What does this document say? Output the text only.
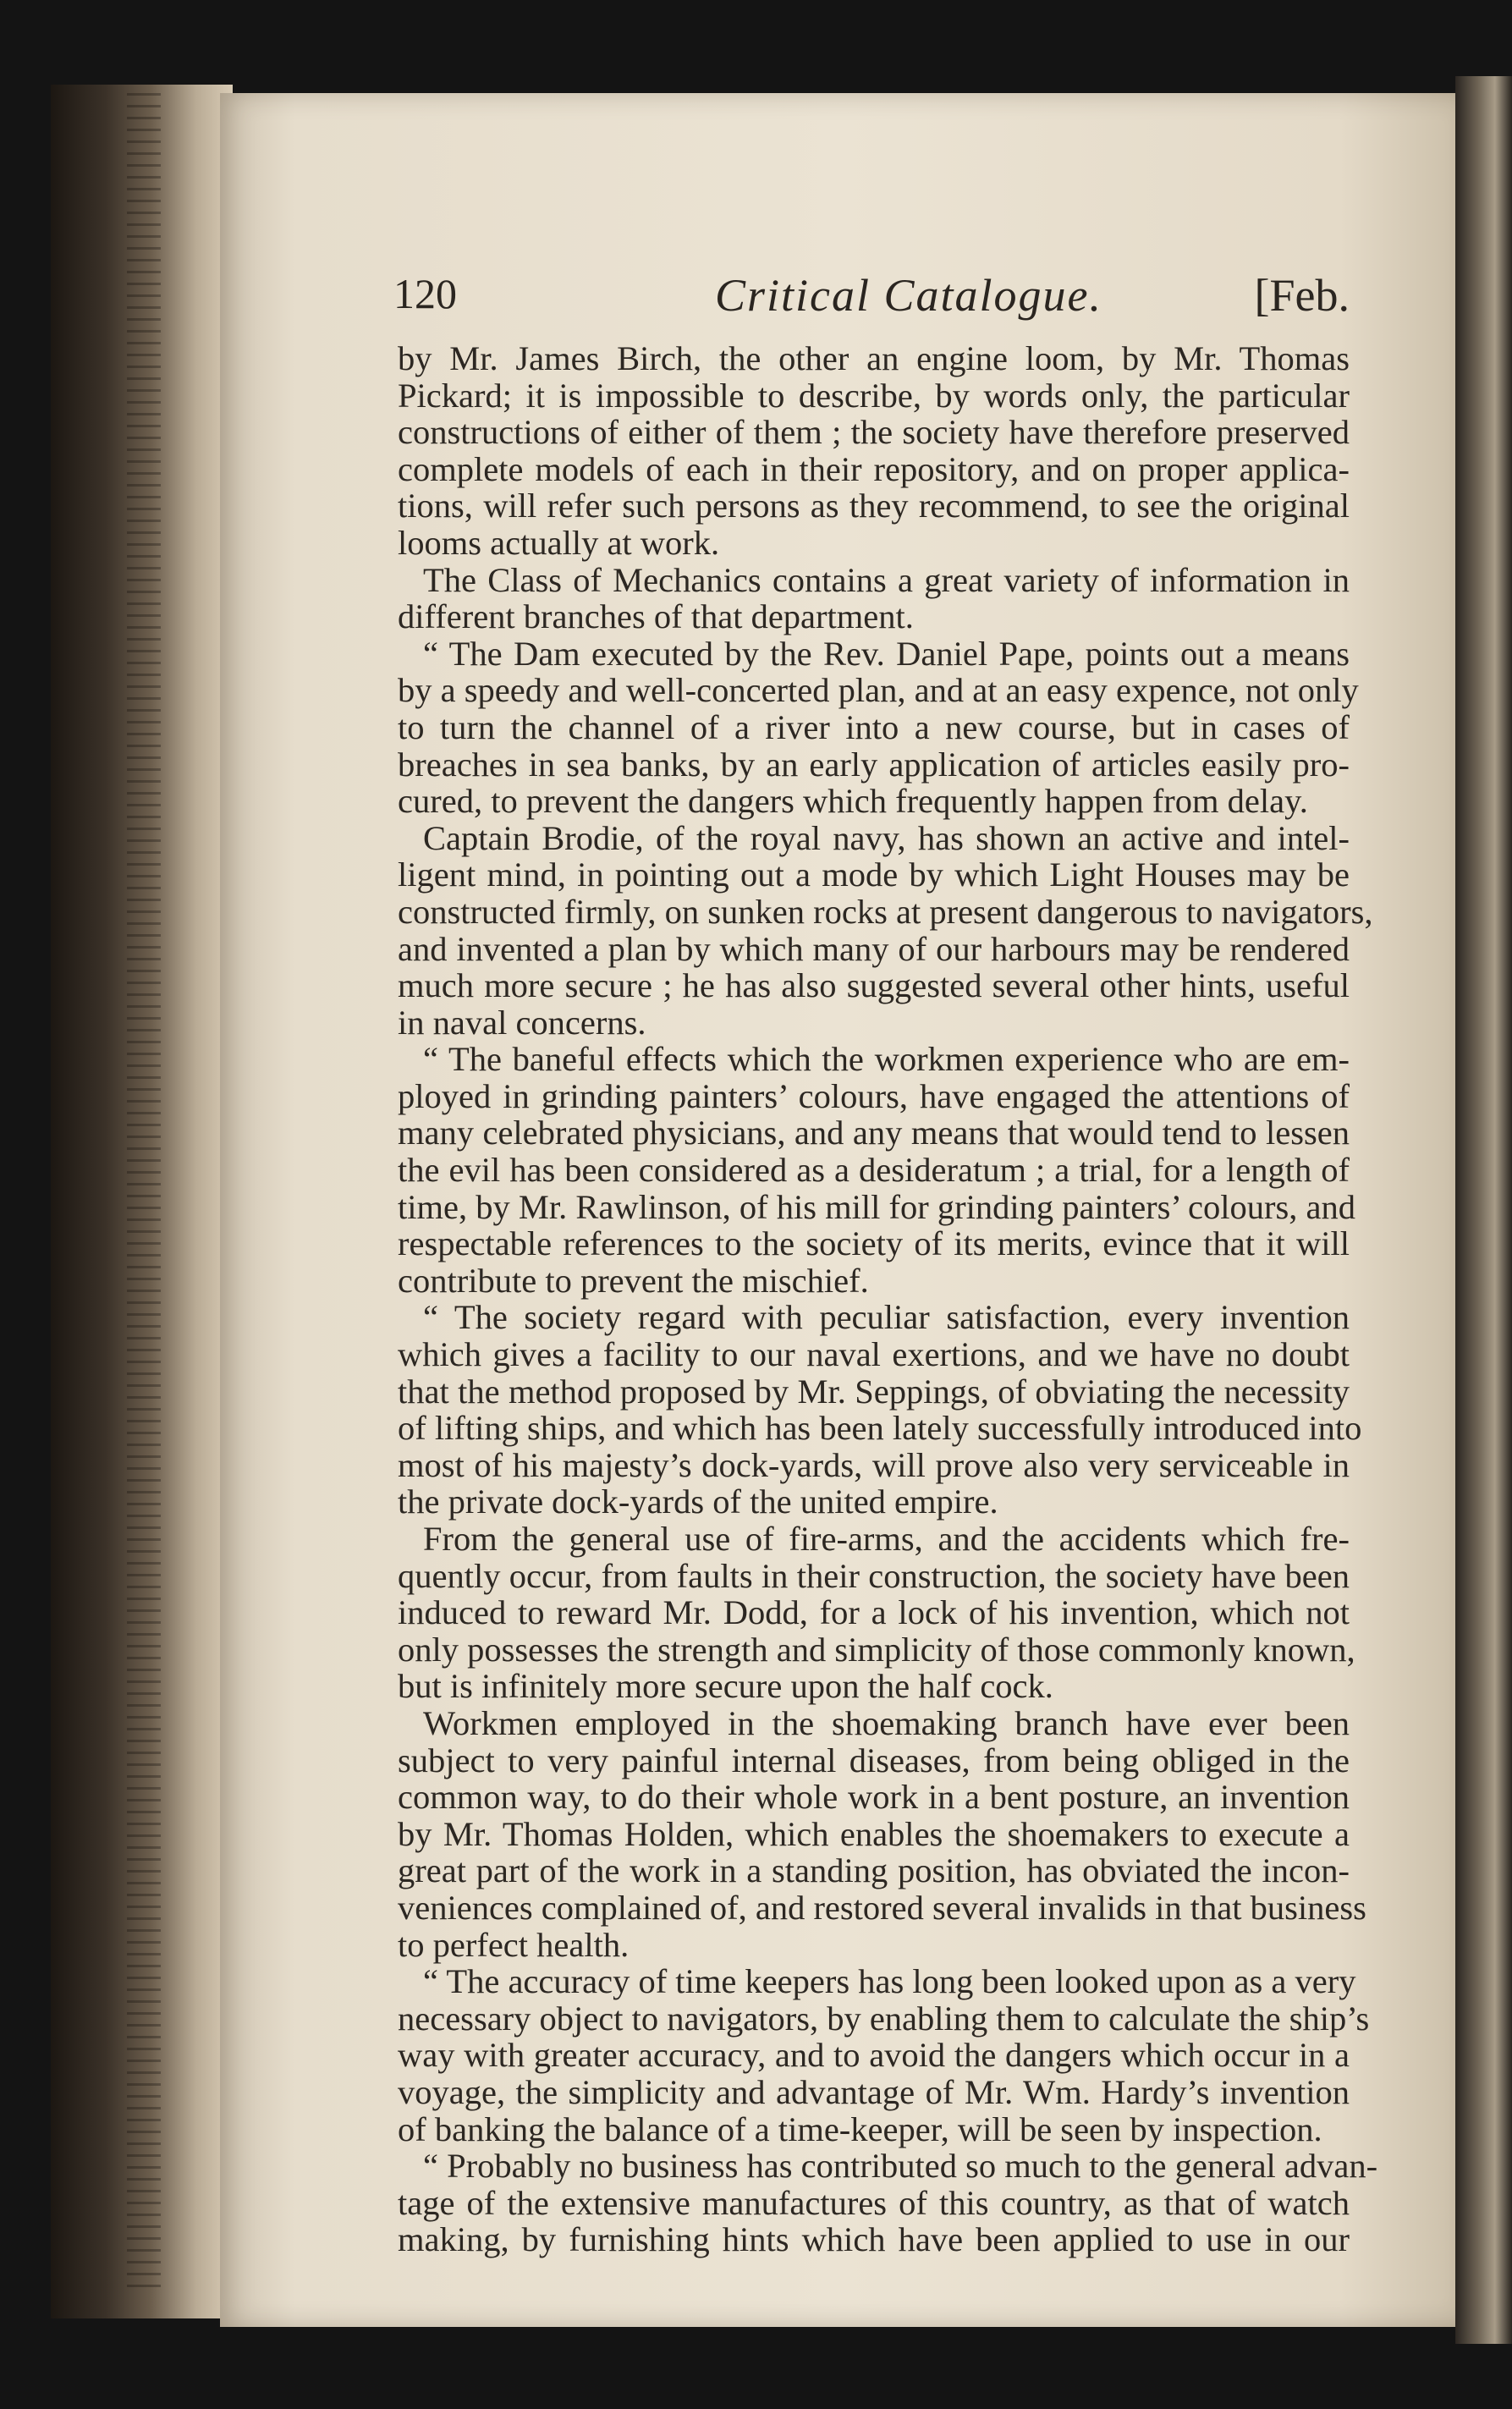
120	Critical Catalogue.	[Feb.
by Mr. James Birch, the other an engine loom, by Mr. Thomas
Pickard; it is impossible to describe, by words only, the particular
constructions of either of them ; the society have therefore preserved
complete models of each in their repository, and on proper applica-
tions, will refer such persons as they recommend, to see the original
looms actually at work.
The Class of Mechanics contains a great variety of information in
different branches of that department.
“ The Dam executed by the Rev. Daniel Pape, points out a means
by a speedy and well-concerted plan, and at an easy expence, not only
to turn the channel of a river into a new course, but in cases of
breaches in sea banks, by an early application of articles easily pro-
cured, to prevent the dangers which frequently happen from delay.
Captain Brodie, of the royal navy, has shown an active and intel-
ligent mind, in pointing out a mode by which Light Houses may be
constructed firmly, on sunken rocks at present dangerous to navigators,
and invented a plan by which many of our harbours may be rendered
much more secure ; he has also suggested several other hints, useful
in naval concerns.
“ The baneful effects which the workmen experience who are em-
ployed in grinding painters’ colours, have engaged the attentions of
many celebrated physicians, and any means that would tend to lessen
the evil has been considered as a desideratum ; a trial, for a length of
time, by Mr. Rawlinson, of his mill for grinding painters’ colours, and
respectable references to the society of its merits, evince that it will
contribute to prevent the mischief.
“ The society regard with peculiar satisfaction, every invention
which gives a facility to our naval exertions, and we have no doubt
that the method proposed by Mr. Seppings, of obviating the necessity
of lifting ships, and which has been lately successfully introduced into
most of his majesty’s dock-yards, will prove also very serviceable in
the private dock-yards of the united empire.
From the general use of fire-arms, and the accidents which fre-
quently occur, from faults in their construction, the society have been
induced to reward Mr. Dodd, for a lock of his invention, which not
only possesses the strength and simplicity of those commonly known,
but is infinitely more secure upon the half cock.
Workmen employed in the shoemaking branch have ever been
subject to very painful internal diseases, from being obliged in the
common way, to do their whole work in a bent posture, an invention
by Mr. Thomas Holden, which enables the shoemakers to execute a
great part of the work in a standing position, has obviated the incon-
veniences complained of, and restored several invalids in that business
to perfect health.
“ The accuracy of time keepers has long been looked upon as a very
necessary object to navigators, by enabling them to calculate the ship’s
way with greater accuracy, and to avoid the dangers which occur in a
voyage, the simplicity and advantage of Mr. Wm. Hardy’s invention
of banking the balance of a time-keeper, will be seen by inspection.
“ Probably no business has contributed so much to the general advan-
tage of the extensive manufactures of this country, as that of watch
making, by furnishing hints which have been applied to use in our
